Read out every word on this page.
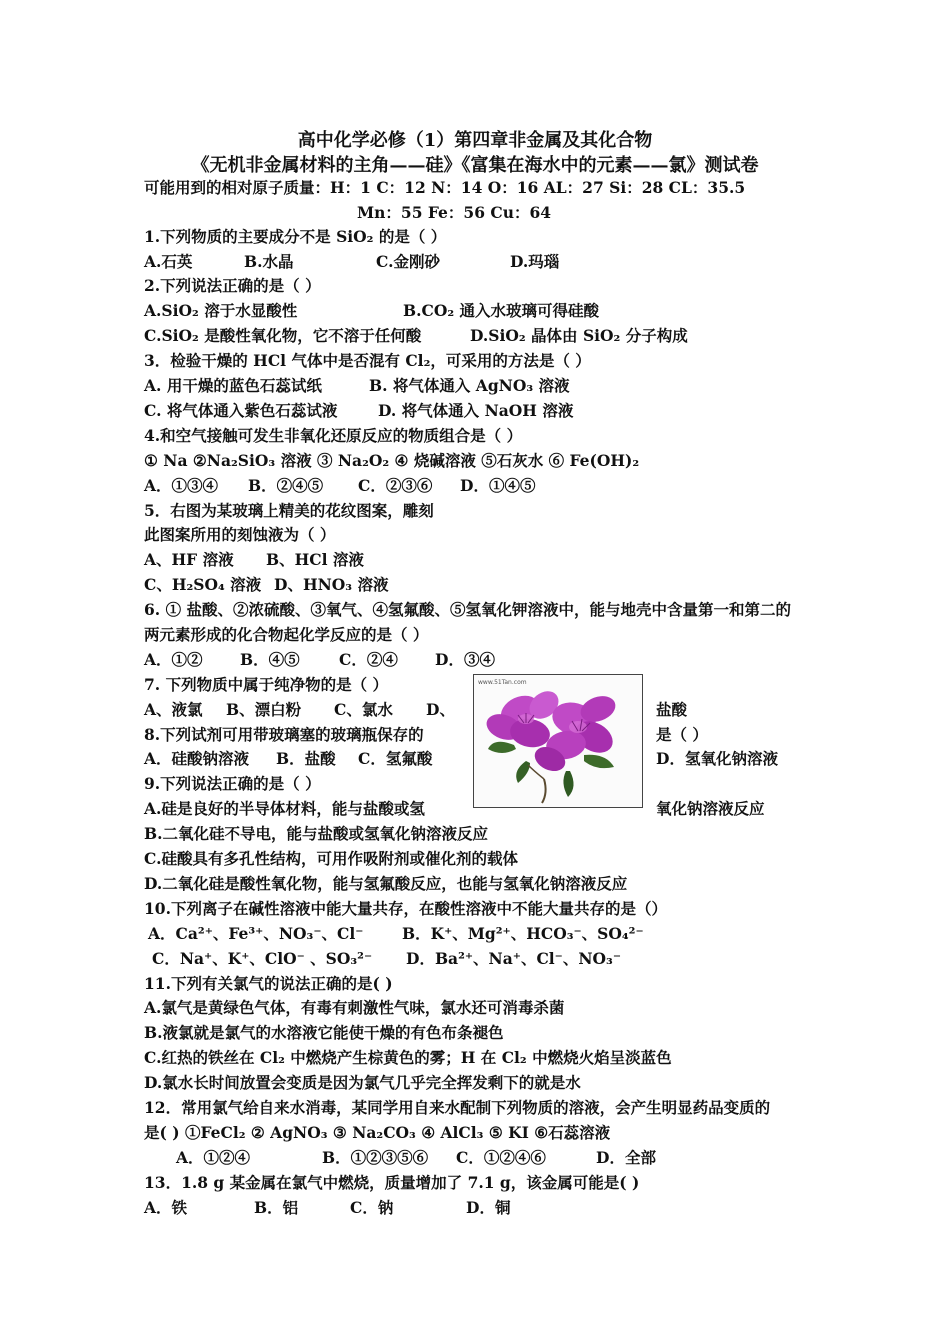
高中化学必修（1）第四章非金属及其化合物
《无机非金属材料的主角——硅》《富集在海水中的元素——氯》测试卷
可能用到的相对原子质量：H：1 C：12 N：14 O：16 AL：27 Si：28 CL：35.5
Mn：55 Fe：56 Cu：64
1.下列物质的主要成分不是 SiO₂ 的是（ ）
A.石英	B.水晶	C.金刚砂	D.玛瑙
2.下列说法正确的是（ ）
A.SiO₂ 溶于水显酸性	B.CO₂ 通入水玻璃可得硅酸
C.SiO₂ 是酸性氧化物，它不溶于任何酸	D.SiO₂ 晶体由 SiO₂ 分子构成
3．检验干燥的 HCl 气体中是否混有 Cl₂，可采用的方法是（ ）
A. 用干燥的蓝色石蕊试纸	B. 将气体通入 AgNO₃ 溶液
C. 将气体通入紫色石蕊试液	D. 将气体通入 NaOH 溶液
4.和空气接触可发生非氧化还原反应的物质组合是（ ）
① Na ②Na₂SiO₃ 溶液 ③ Na₂O₂ ④ 烧碱溶液 ⑤石灰水 ⑥ Fe(OH)₂
A．①③④ B．②④⑤ C．②③⑥ D．①④⑤
5．右图为某玻璃上精美的花纹图案，雕刻
此图案所用的刻蚀液为（ ）
A、HF 溶液 B、HCl 溶液
C、H₂SO₄ 溶液 D、HNO₃ 溶液
6. ① 盐酸、②浓硫酸、③氧气、④氢氟酸、⑤氢氧化钾溶液中，能与地壳中含量第一和第二的
两元素形成的化合物起化学反应的是（ ）
A．①② B．④⑤	C．②④ D．③④
www.51Tan.com
7. 下列物质中属于纯净物的是（ ）
A、液氯 B、漂白粉 C、氯水 D、	盐酸
8.下列试剂可用带玻璃塞的玻璃瓶保存的	是（ ）
A．硅酸钠溶液 B．盐酸 C．氢氟酸	D．氢氧化钠溶液
9.下列说法正确的是（ ）
A.硅是良好的半导体材料，能与盐酸或氢	氧化钠溶液反应
B.二氧化硅不导电，能与盐酸或氢氧化钠溶液反应
C.硅酸具有多孔性结构，可用作吸附剂或催化剂的载体
D.二氧化硅是酸性氧化物，能与氢氟酸反应，也能与氢氧化钠溶液反应
10.下列离子在碱性溶液中能大量共存，在酸性溶液中不能大量共存的是（）
A．Ca²⁺、Fe³⁺、NO₃⁻、Cl⁻ B．K⁺、Mg²⁺、HCO₃⁻、SO₄²⁻
C．Na⁺、K⁺、ClO⁻ 、SO₃²⁻ D．Ba²⁺、Na⁺、Cl⁻、NO₃⁻
11.下列有关氯气的说法正确的是( )
A.氯气是黄绿色气体，有毒有刺激性气味，氯水还可消毒杀菌
B.液氯就是氯气的水溶液它能使干燥的有色布条褪色
C.红热的铁丝在 Cl₂ 中燃烧产生棕黄色的雾；H 在 Cl₂ 中燃烧火焰呈淡蓝色
D.氯水长时间放置会变质是因为氯气几乎完全挥发剩下的就是水
12．常用氯气给自来水消毒，某同学用自来水配制下列物质的溶液，会产生明显药品变质的
是( ) ①FeCl₂ ② AgNO₃ ③ Na₂CO₃ ④ AlCl₃ ⑤ KI ⑥石蕊溶液
A．①②④	B．①②③⑤⑥ C．①②④⑥	D．全部
13．1.8 g 某金属在氯气中燃烧，质量增加了 7.1 g，该金属可能是( )
A．铁	B．铝	C．钠	D．铜
